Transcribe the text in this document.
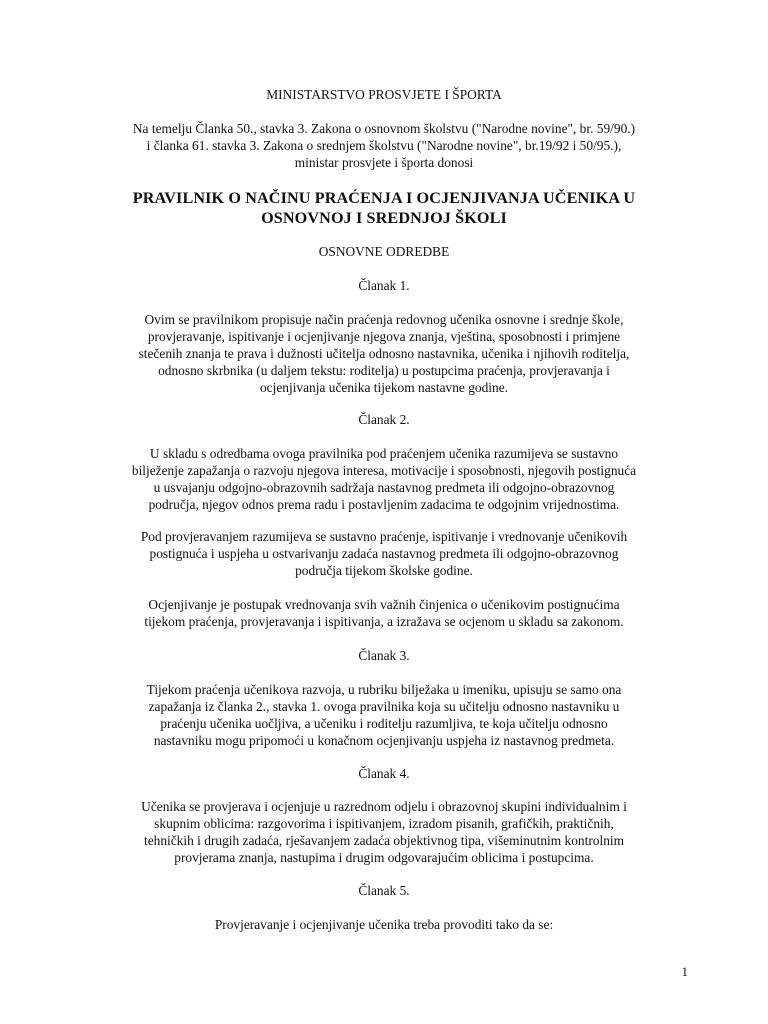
MINISTARSTVO PROSVJETE I ŠPORTA
Na temelju Članka 50., stavka 3. Zakona o osnovnom školstvu ("Narodne novine", br. 59/90.)
i članka 61. stavka 3. Zakona o srednjem školstvu ("Narodne novine", br.19/92 i 50/95.),
ministar prosvjete i športa donosi
PRAVILNIK O NAČINU PRAĆENJA I OCJENJIVANJA UČENIKA U
OSNOVNOJ I SREDNJOJ ŠKOLI
OSNOVNE ODREDBE
Članak 1.
Ovim se pravilnikom propisuje način praćenja redovnog učenika osnovne i srednje škole,
provjeravanje, ispitivanje i ocjenjivanje njegova znanja, vještina, sposobnosti i primjene
stečenih znanja te prava i dužnosti učitelja odnosno nastavnika, učenika i njihovih roditelja,
odnosno skrbnika (u daljem tekstu: roditelja) u postupcima praćenja, provjeravanja i
ocjenjivanja učenika tijekom nastavne godine.
Članak 2.
U skladu s odredbama ovoga pravilnika pod praćenjem učenika razumijeva se sustavno
bilježenje zapažanja o razvoju njegova interesa, motivacije i sposobnosti, njegovih postignuća
u usvajanju odgojno-obrazovnih sadržaja nastavnog predmeta ili odgojno-obrazovnog
područja, njegov odnos prema radu i postavljenim zadacima te odgojnim vrijednostima.
Pod provjeravanjem razumijeva se sustavno praćenje, ispitivanje i vrednovanje učenikovih
postignuća i uspjeha u ostvarivanju zadaća nastavnog predmeta ili odgojno-obrazovnog
područja tijekom školske godine.
Ocjenjivanje je postupak vrednovanja svih važnih činjenica o učenikovim postignućima
tijekom praćenja, provjeravanja i ispitivanja, a izražava se ocjenom u skladu sa zakonom.
Članak 3.
Tijekom praćenja učenikova razvoja, u rubriku bilježaka u imeniku, upisuju se samo ona
zapažanja iz članka 2., stavka 1. ovoga pravilnika koja su učitelju odnosno nastavniku u
praćenju učenika uočljiva, a učeniku i roditelju razumljiva, te koja učitelju odnosno
nastavniku mogu pripomoći u konačnom ocjenjivanju uspjeha iz nastavnog predmeta.
Članak 4.
Učenika se provjerava i ocjenjuje u razrednom odjelu i obrazovnoj skupini individualnim i
skupnim oblicima: razgovorima i ispitivanjem, izradom pisanih, grafičkih, praktičnih,
tehničkih i drugih zadaća, rješavanjem zadaća objektivnog tipa, višeminutnim kontrolnim
provjerama znanja, nastupima i drugim odgovarajućim oblicima i postupcima.
Članak 5.
Provjeravanje i ocjenjivanje učenika treba provoditi tako da se:
1
